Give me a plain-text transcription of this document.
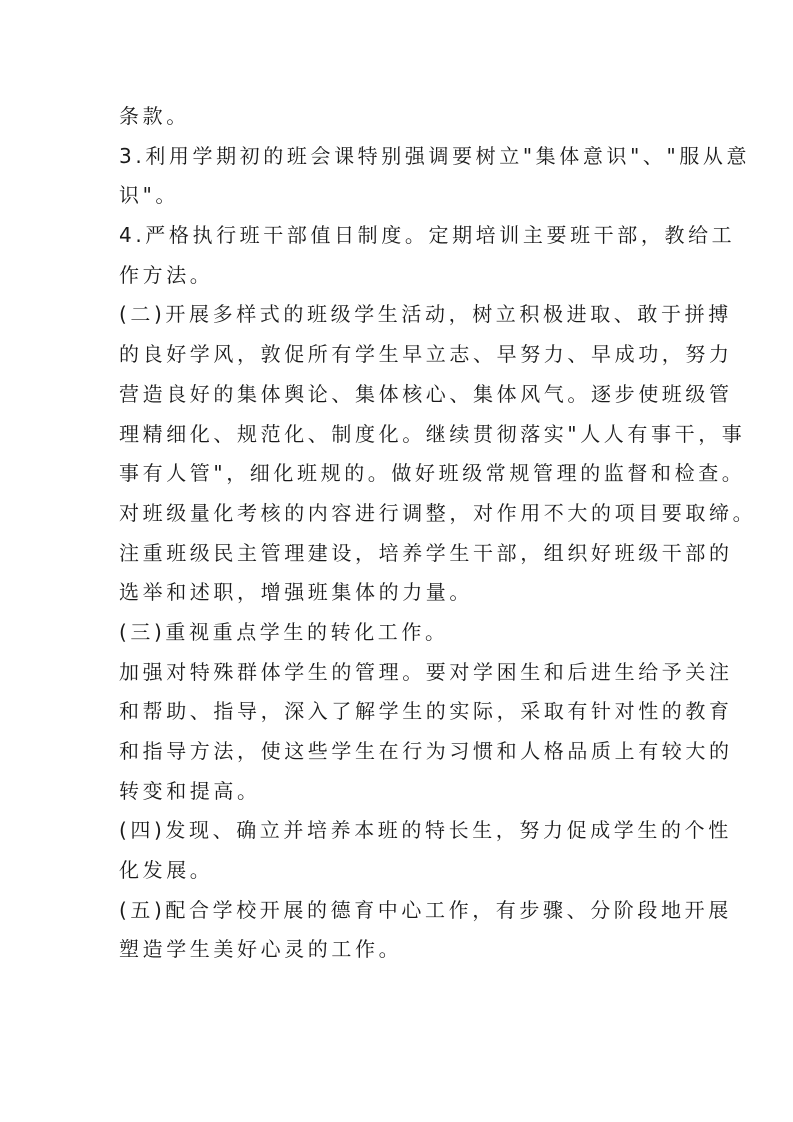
条款。
3.利用学期初的班会课特别强调要树立"集体意识"、"服从意
识"。
4.严格执行班干部值日制度。定期培训主要班干部，教给工
作方法。
(二)开展多样式的班级学生活动，树立积极进取、敢于拼搏
的良好学风，敦促所有学生早立志、早努力、早成功，努力
营造良好的集体舆论、集体核心、集体风气。逐步使班级管
理精细化、规范化、制度化。继续贯彻落实"人人有事干，事
事有人管"，细化班规的。做好班级常规管理的监督和检查。
对班级量化考核的内容进行调整，对作用不大的项目要取缔。
注重班级民主管理建设，培养学生干部，组织好班级干部的
选举和述职，增强班集体的力量。
(三)重视重点学生的转化工作。
加强对特殊群体学生的管理。要对学困生和后进生给予关注
和帮助、指导，深入了解学生的实际，采取有针对性的教育
和指导方法，使这些学生在行为习惯和人格品质上有较大的
转变和提高。
(四)发现、确立并培养本班的特长生，努力促成学生的个性
化发展。
(五)配合学校开展的德育中心工作，有步骤、分阶段地开展
塑造学生美好心灵的工作。
